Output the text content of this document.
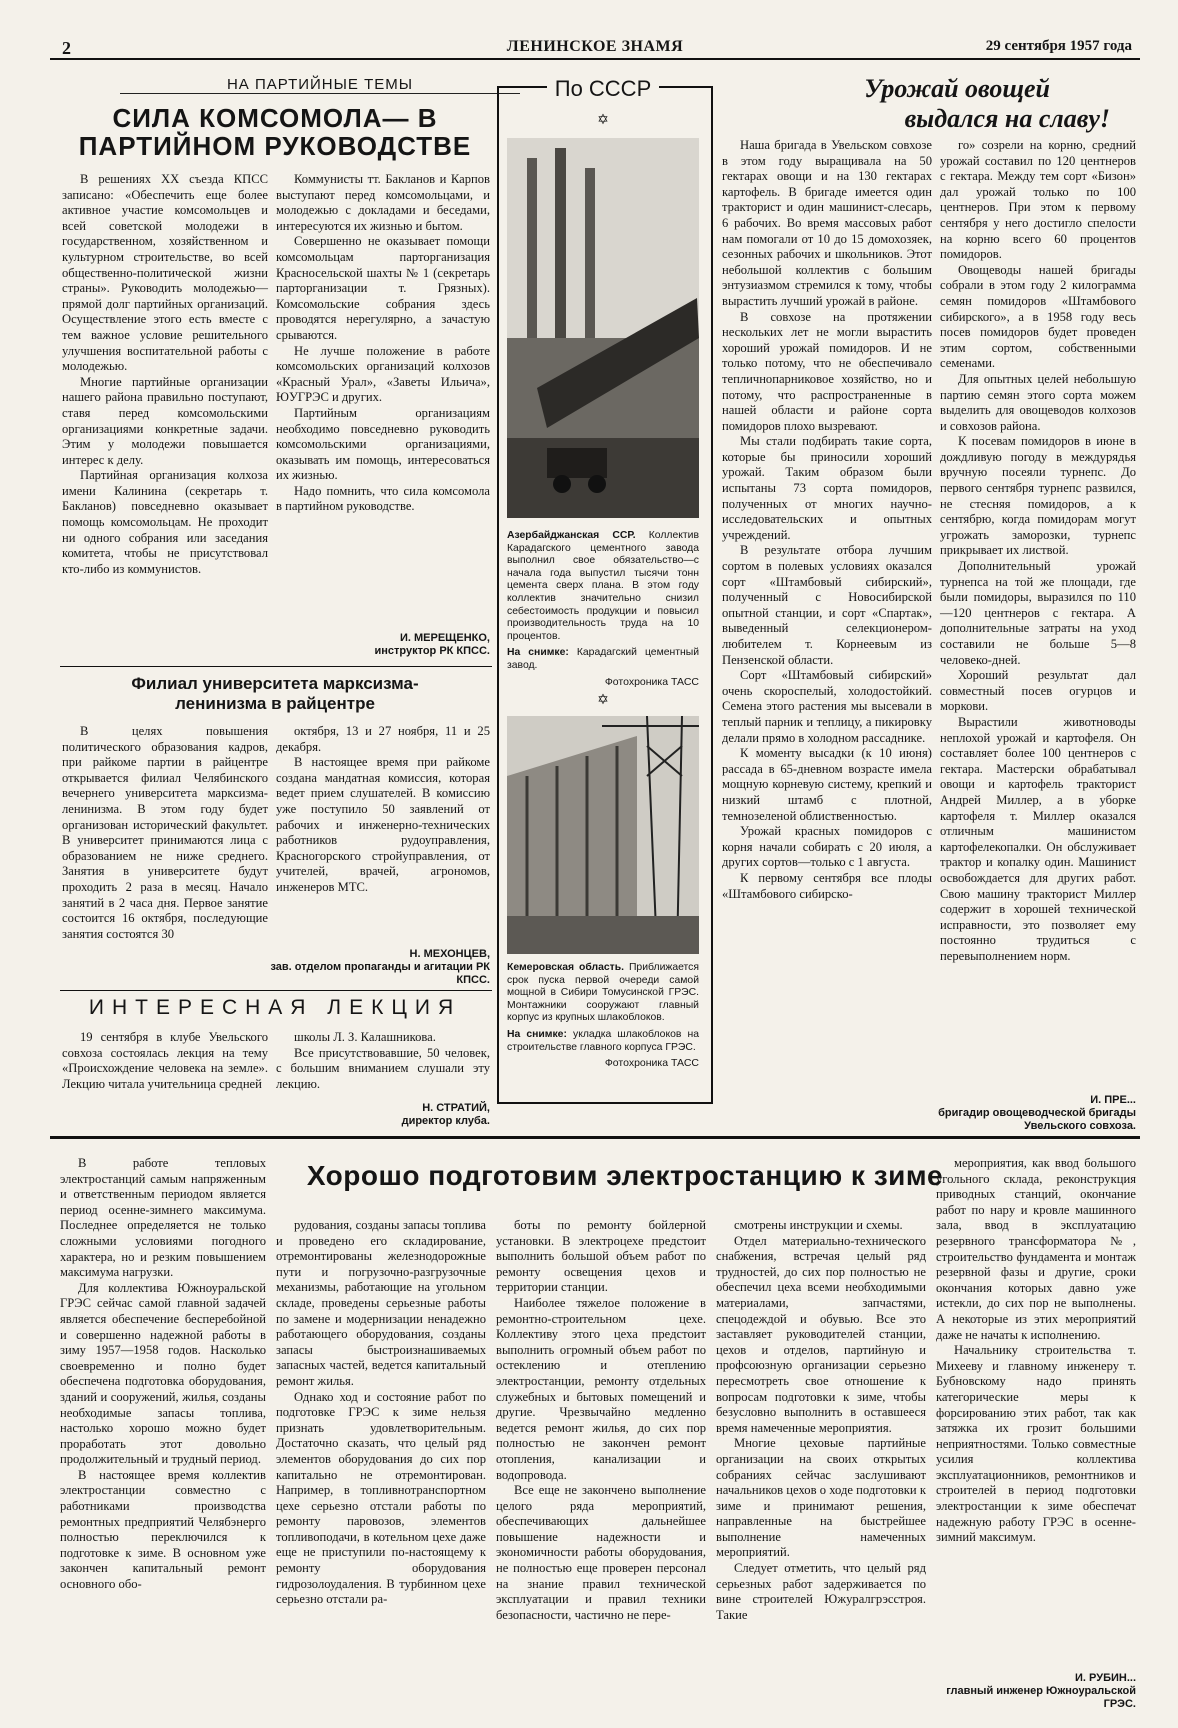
2	ЛЕНИНСКОЕ ЗНАМЯ	29 сентября 1957 года
НА ПАРТИЙНЫЕ ТЕМЫ
СИЛА КОМСОМОЛА— В ПАРТИЙНОМ РУКОВОДСТВЕ

В решениях XX съезда КПСС записано: «Обеспечить еще более активное участие комсомольцев и всей советской молодежи в государственном, хозяйственном и культурном строительстве, во всей общественно-политической жизни страны». Руководить молодежью—прямой долг партийных организаций. Осуществление этого есть вместе с тем важное условие решительного улучшения воспитательной работы с молодежью.

Многие партийные организации нашего района правильно поступают, ставя перед комсомольскими организациями конкретные задачи. Этим у молодежи повышается интерес к делу.

Партийная организация колхоза имени Калинина (секретарь т. Бакланов) повседневно оказывает помощь комсомольцам. Не проходит ни одного собрания или заседания комитета, чтобы не присутствовал кто-либо из коммунистов.

Коммунисты тт. Бакланов и Карпов выступают перед комсомольцами, и молодежью с докладами и беседами, интересуются их жизнью и бытом.

Совершенно не оказывает помощи комсомольцам парторганизация Красносельской шахты № 1 (секретарь парторганизации т. Грязных). Комсомольские собрания здесь проводятся нерегулярно, а зачастую срываются.

Не лучше положение в работе комсомольских организаций колхозов «Красный Урал», «Заветы Ильича», ЮУГРЭС и других.

Партийным организациям необходимо повседневно руководить комсомольскими организациями, оказывать им помощь, интересоваться их жизнью.

Надо помнить, что сила комсомола в партийном руководстве.

И. МЕРЕЩЕНКО,
инструктор РК КПСС.
Филиал университета марксизма-ленинизма в райцентре

В целях повышения политического образования кадров, при райкоме партии в райцентре открывается филиал Челябинского вечернего университета марксизма-ленинизма. В этом году будет организован исторический факультет. В университет принимаются лица с образованием не ниже среднего. Занятия в университете будут проходить 2 раза в месяц. Начало занятий в 2 часа дня. Первое занятие состоится 16 октября, последующие занятия состоятся 30

октября, 13 и 27 ноября, 11 и 25 декабря.

В настоящее время при райкоме создана мандатная комиссия, которая ведет прием слушателей. В комиссию уже поступило 50 заявлений от рабочих и инженерно-технических работников рудоуправления, Красногорского стройуправления, от учителей, врачей, агрономов, инженеров МТС.

Н. МЕХОНЦЕВ,
зав. отделом пропаганды и агитации РК КПСС.
ИНТЕРЕСНАЯ ЛЕКЦИЯ

19 сентября в клубе Увельского совхоза состоялась лекция на тему «Происхождение человека на земле». Лекцию читала учительница средней

школы Л. З. Калашникова.

Все присутствовавшие, 50 человек, с большим вниманием слушали эту лекцию.

Н. СТРАТИЙ,
директор клуба.
По СССР
✡
Азербайджанская ССР. Коллектив Карадагского цементного завода выполнил свое обязательство—с начала года выпустил тысячи тонн цемента сверх плана. В этом году коллектив значительно снизил себестоимость продукции и повысил производительность труда на 10 процентов.
На снимке: Карадагский цементный завод.
Фотохроника ТАСС
✡
Кемеровская область. Приближается срок пуска первой очереди самой мощной в Сибири Томусинской ГРЭС. Монтажники сооружают главный корпус из крупных шлакоблоков.
На снимке: укладка шлакоблоков на строительстве главного корпуса ГРЭС.
Фотохроника ТАСС
Урожай овощей
выдался на славу!

Наша бригада в Увельском совхозе в этом году выращивала на 50 гектарах овощи и на 130 гектарах картофель. В бригаде имеется один тракторист и один машинист-слесарь, 6 рабочих. Во время массовых работ нам помогали от 10 до 15 домохозяек, сезонных рабочих и школьников. Этот небольшой коллектив с большим энтузиазмом стремился к тому, чтобы вырастить лучший урожай в районе.

В совхозе на протяжении нескольких лет не могли вырастить хороший урожай помидоров. И не только потому, что не обеспечивало тепличнопарниковое хозяйство, но и потому, что распространенные в нашей области и районе сорта помидоров плохо вызревают.

Мы стали подбирать такие сорта, которые бы приносили хороший урожай. Таким образом были испытаны 73 сорта помидоров, полученных от многих научно-исследовательских и опытных учреждений.

В результате отбора лучшим сортом в полевых условиях оказался сорт «Штамбовый сибирский», полученный с Новосибирской опытной станции, и сорт «Спартак», выведенный селекционером-любителем т. Корнеевым из Пензенской области.

Сорт «Штамбовый сибирский» очень скороспелый, холодостойкий. Семена этого растения мы высевали в теплый парник и теплицу, а пикировку делали прямо в холодном рассаднике.

К моменту высадки (к 10 июня) рассада в 65-дневном возрасте имела мощную корневую систему, крепкий и низкий штамб с плотной, темнозеленой облиственностью.

Урожай красных помидоров с корня начали собирать с 20 июля, а других сортов—только с 1 августа.

К первому сентября все плоды «Штамбового сибирско-

го» созрели на корню, средний урожай составил по 120 центнеров с гектара. Между тем сорт «Бизон» дал урожай только по 100 центнеров. При этом к первому сентября у него достигло спелости на корню всего 60 процентов помидоров.

Овощеводы нашей бригады собрали в этом году 2 килограмма семян помидоров «Штамбового сибирского», а в 1958 году весь посев помидоров будет проведен этим сортом, собственными семенами.

Для опытных целей небольшую партию семян этого сорта можем выделить для овощеводов колхозов и совхозов района.

К посевам помидоров в июне в дождливую погоду в междурядья вручную посеяли турнепс. До первого сентября турнепс развился, не стесняя помидоров, а к сентябрю, когда помидорам могут угрожать заморозки, турнепс прикрывает их листвой.

Дополнительный урожай турнепса на той же площади, где были помидоры, выразился по 110—120 центнеров с гектара. А дополнительные затраты на уход составили не больше 5—8 человеко-дней.

Хороший результат дал совместный посев огурцов и моркови.

Вырастили животноводы неплохой урожай и картофеля. Он составляет более 100 центнеров с гектара. Мастерски обрабатывал овощи и картофель тракторист Андрей Миллер, а в уборке картофеля т. Миллер оказался отличным машинистом картофелекопалки. Он обслуживает трактор и копалку один. Машинист освобождается для других работ. Свою машину тракторист Миллер содержит в хорошей технической исправности, это позволяет ему постоянно трудиться с перевыполнением норм.

И. ПРЕ...
бригадир овощеводческой бригады Увельского совхоза.
Хорошо подготовим электростанцию к зиме

В работе тепловых электростанций самым напряженным и ответственным периодом является период осенне-зимнего максимума. Последнее определяется не только сложными условиями погодного характера, но и резким повышением максимума нагрузки.

Для коллектива Южноуральской ГРЭС сейчас самой главной задачей является обеспечение бесперебойной и совершенно надежной работы в зиму 1957—1958 годов. Насколько своевременно и полно будет обеспечена подготовка оборудования, зданий и сооружений, жилья, созданы необходимые запасы топлива, настолько хорошо можно будет проработать этот довольно продолжительный и трудный период.

В настоящее время коллектив электростанции совместно с работниками производства ремонтных предприятий Челябэнерго полностью переключился к подготовке к зиме. В основном уже закончен капитальный ремонт основного обо-

рудования, созданы запасы топлива и проведено его складирование, отремонтированы железнодорожные пути и погрузочно-разгрузочные механизмы, работающие на угольном складе, проведены серьезные работы по замене и модернизации ненадежно работающего оборудования, созданы запасы быстроизнашиваемых запасных частей, ведется капитальный ремонт жилья.

Однако ход и состояние работ по подготовке ГРЭС к зиме нельзя признать удовлетворительным. Достаточно сказать, что целый ряд элементов оборудования до сих пор капитально не отремонтирован. Например, в топливнотранспортном цехе серьезно отстали работы по ремонту паровозов, элементов топливоподачи, в котельном цехе даже еще не приступили по-настоящему к ремонту оборудования гидрозолоудаления. В турбинном цехе серьезно отстали ра-

боты по ремонту бойлерной установки. В электроцехе предстоит выполнить большой объем работ по ремонту освещения цехов и территории станции.

Наиболее тяжелое положение в ремонтно-строительном цехе. Коллективу этого цеха предстоит выполнить огромный объем работ по остеклению и отеплению электростанции, ремонту отдельных служебных и бытовых помещений и другие. Чрезвычайно медленно ведется ремонт жилья, до сих пор полностью не закончен ремонт отопления, канализации и водопровода.

Все еще не закончено выполнение целого ряда мероприятий, обеспечивающих дальнейшее повышение надежности и экономичности работы оборудования, не полностью еще проверен персонал на знание правил технической эксплуатации и правил техники безопасности, частично не пере-

смотрены инструкции и схемы.

Отдел материально-технического снабжения, встречая целый ряд трудностей, до сих пор полностью не обеспечил цеха всеми необходимыми материалами, запчастями, спецодеждой и обувью. Все это заставляет руководителей станции, цехов и отделов, партийную и профсоюзную организации серьезно пересмотреть свое отношение к вопросам подготовки к зиме, чтобы безусловно выполнить в оставшееся время намеченные мероприятия.

Многие цеховые партийные организации на своих открытых собраниях сейчас заслушивают начальников цехов о ходе подготовки к зиме и принимают решения, направленные на быстрейшее выполнение намеченных мероприятий.

Следует отметить, что целый ряд серьезных работ задерживается по вине строителей Южуралгрэсстроя. Такие

мероприятия, как ввод большого угольного склада, реконструкция приводных станций, окончание работ по нарy и кровле машинного зала, ввод в эксплуатацию резервного трансформатора №, строительство фундамента и монтаж резервной фазы и другие, сроки окончания которых давно уже истекли, до сих пор не выполнены. А некоторые из этих мероприятий даже не начаты к исполнению.

Начальнику строительства т. Михееву и главному инженеру т. Бубновскому надо принять категорические меры к форсированию этих работ, так как затяжка их грозит большими неприятностями. Только совместные усилия коллектива эксплуатационников, ремонтников и строителей в период подготовки электростанции к зиме обеспечат надежную работу ГРЭС в осенне-зимний максимум.

И. РУБИН...
главный инженер Южноуральской ГРЭС.
